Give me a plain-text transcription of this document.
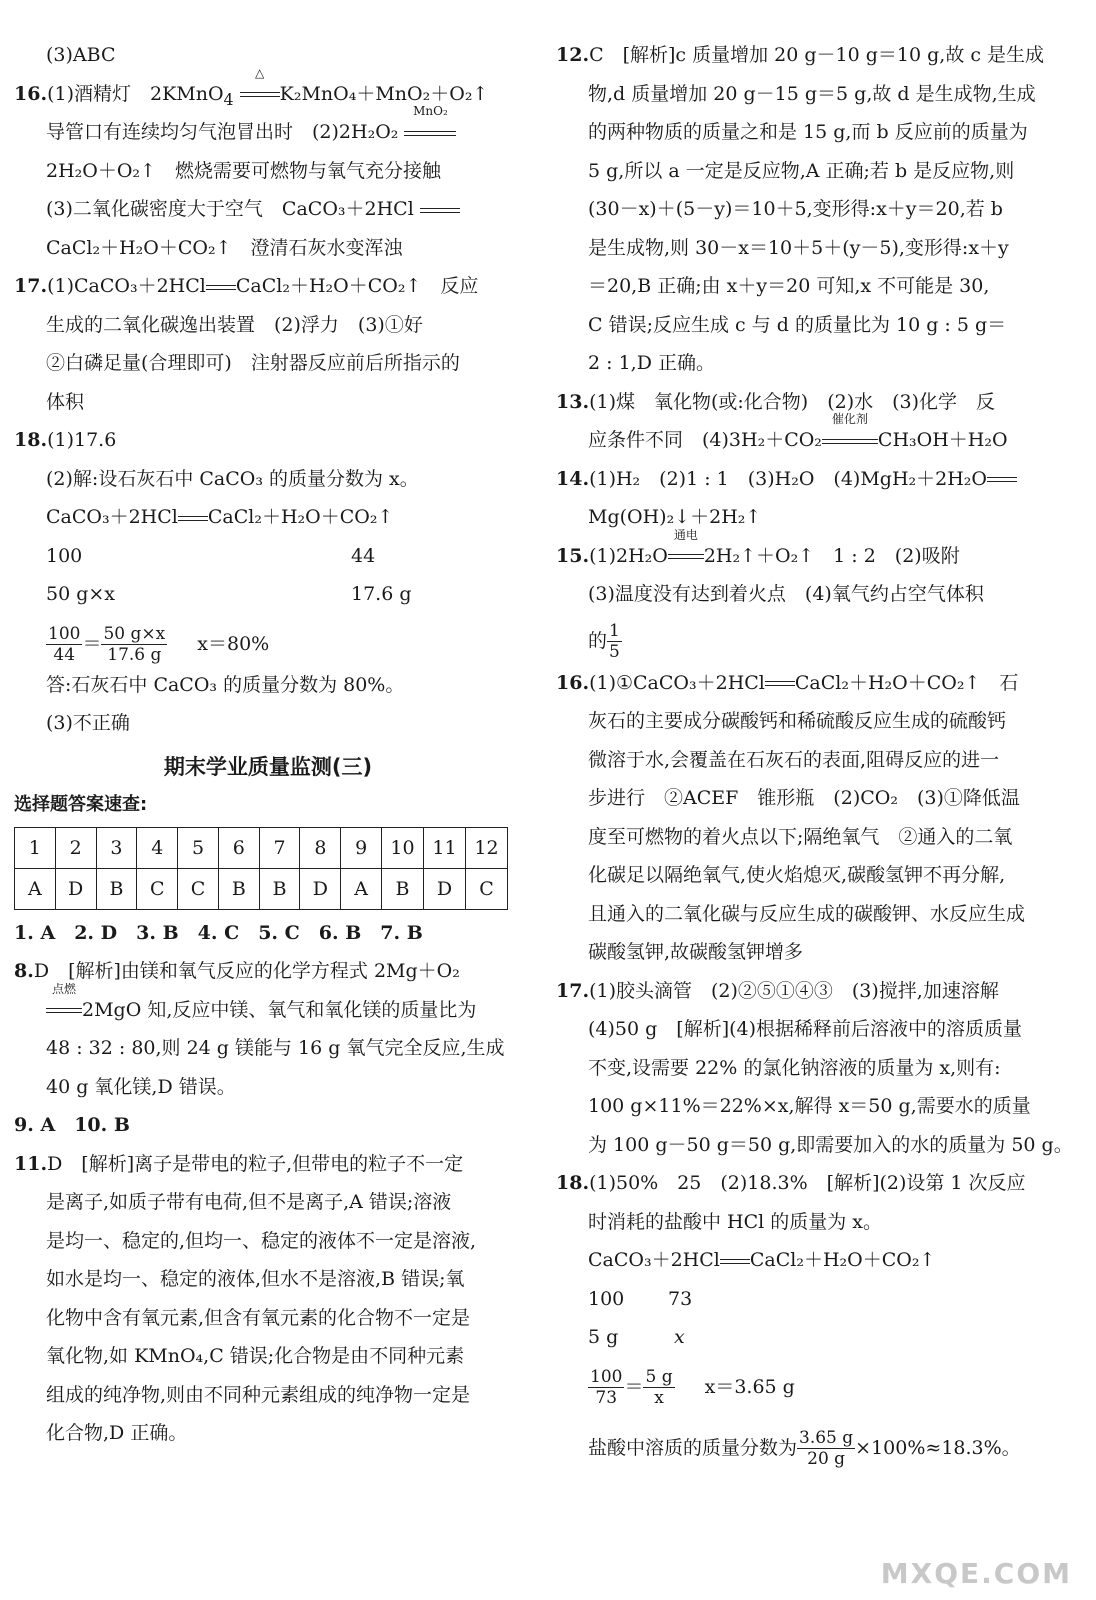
(3)ABC
16.(1)酒精灯　2KMnO$_4$
△
K₂MnO₄＋MnO₂＋O₂↑
导管口有连续均匀气泡冒出时　(2)2H₂O₂
MnO₂
2H₂O＋O₂↑　燃烧需要可燃物与氧气充分接触
(3)二氧化碳密度大于空气　CaCO₃＋2HCl
CaCl₂＋H₂O＋CO₂↑　澄清石灰水变浑浊
17.(1)CaCO₃＋2HCl CaCl₂＋H₂O＋CO₂↑　反应
生成的二氧化碳逸出装置　(2)浮力　(3)①好
②白磷足量(合理即可)　注射器反应前后所指示的
体积
18.(1)17.6
(2)解:设石灰石中 CaCO₃ 的质量分数为 x。
CaCO₃＋2HCl CaCl₂＋H₂O＋CO₂↑
100	44
50 g×x	17.6 g
$\frac{100}{44} = \frac{50 g\times x}{17.6 g} x=80\%$
答:石灰石中 CaCO₃ 的质量分数为 80%。
(3)不正确
期末学业质量监测(三)
选择题答案速查:
1	2	3	4	5	6	7	8	9	10	11	12
A	D	B	C	C	B	B	D	A	B	D	C
1. A　2. D　3. B　4. C　5. C　6. B　7. B
8.D　[解析]由镁和氧气反应的化学方程式 2Mg＋O₂
点燃
2MgO 知,反应中镁、氧气和氧化镁的质量比为
48 : 32 : 80,则 24 g 镁能与 16 g 氧气完全反应,生成
40 g 氧化镁,D 错误。
9. A　10. B
11.D　[解析]离子是带电的粒子,但带电的粒子不一定
是离子,如质子带有电荷,但不是离子,A 错误;溶液
是均一、稳定的,但均一、稳定的液体不一定是溶液,
如水是均一、稳定的液体,但水不是溶液,B 错误;氧
化物中含有氧元素,但含有氧元素的化合物不一定是
氧化物,如 KMnO₄,C 错误;化合物是由不同种元素
组成的纯净物,则由不同种元素组成的纯净物一定是
化合物,D 正确。
12.C　[解析]c 质量增加 20 g－10 g＝10 g,故 c 是生成
物,d 质量增加 20 g－15 g＝5 g,故 d 是生成物,生成
的两种物质的质量之和是 15 g,而 b 反应前的质量为
5 g,所以 a 一定是反应物,A 正确;若 b 是反应物,则
(30－x)＋(5－y)＝10＋5,变形得:x＋y＝20,若 b
是生成物,则 30－x＝10＋5＋(y－5),变形得:x＋y
＝20,B 正确;由 x＋y＝20 可知,x 不可能是 30,
C 错误;反应生成 c 与 d 的质量比为 10 g : 5 g＝
2 : 1,D 正确。
13.(1)煤　氧化物(或:化合物)　(2)水　(3)化学　反
应条件不同　(4)3H₂＋CO₂
催化剂
CH₃OH＋H₂O
14.(1)H₂　(2)1 : 1　(3)H₂O　(4)MgH₂＋2H₂O
Mg(OH)₂↓＋2H₂↑
15.(1)2H₂O
通电
2H₂↑＋O₂↑　1 : 2　(2)吸附
(3)温度没有达到着火点　(4)氧气约占空气体积
的 $\frac{1}{5}$
16.(1)①CaCO₃＋2HCl CaCl₂＋H₂O＋CO₂↑　石
灰石的主要成分碳酸钙和稀硫酸反应生成的硫酸钙
微溶于水,会覆盖在石灰石的表面,阻碍反应的进一
步进行　②ACEF　锥形瓶　(2)CO₂　(3)①降低温
度至可燃物的着火点以下;隔绝氧气　②通入的二氧
化碳足以隔绝氧气,使火焰熄灭,碳酸氢钾不再分解,
且通入的二氧化碳与反应生成的碳酸钾、水反应生成
碳酸氢钾,故碳酸氢钾增多
17.(1)胶头滴管　(2)②⑤①④③　(3)搅拌,加速溶解
(4)50 g　[解析](4)根据稀释前后溶液中的溶质质量
不变,设需要 22% 的氯化钠溶液的质量为 x,则有:
100 g×11%＝22%×x,解得 x＝50 g,需要水的质量
为 100 g－50 g＝50 g,即需要加入的水的质量为 50 g。
18.(1)50%　25　(2)18.3%　[解析](2)设第 1 次反应
时消耗的盐酸中 HCl 的质量为 x。
CaCO₃＋2HCl CaCl₂＋H₂O＋CO₂↑
100 73
5 g	x
$\frac{100}{73} = \frac{5 g}{x} x=3.65$ g
盐酸中溶质的质量分数为 $\frac{3.65 g}{20 g} \times 100\%\approx 18.3\%$。
MXQE.COM
